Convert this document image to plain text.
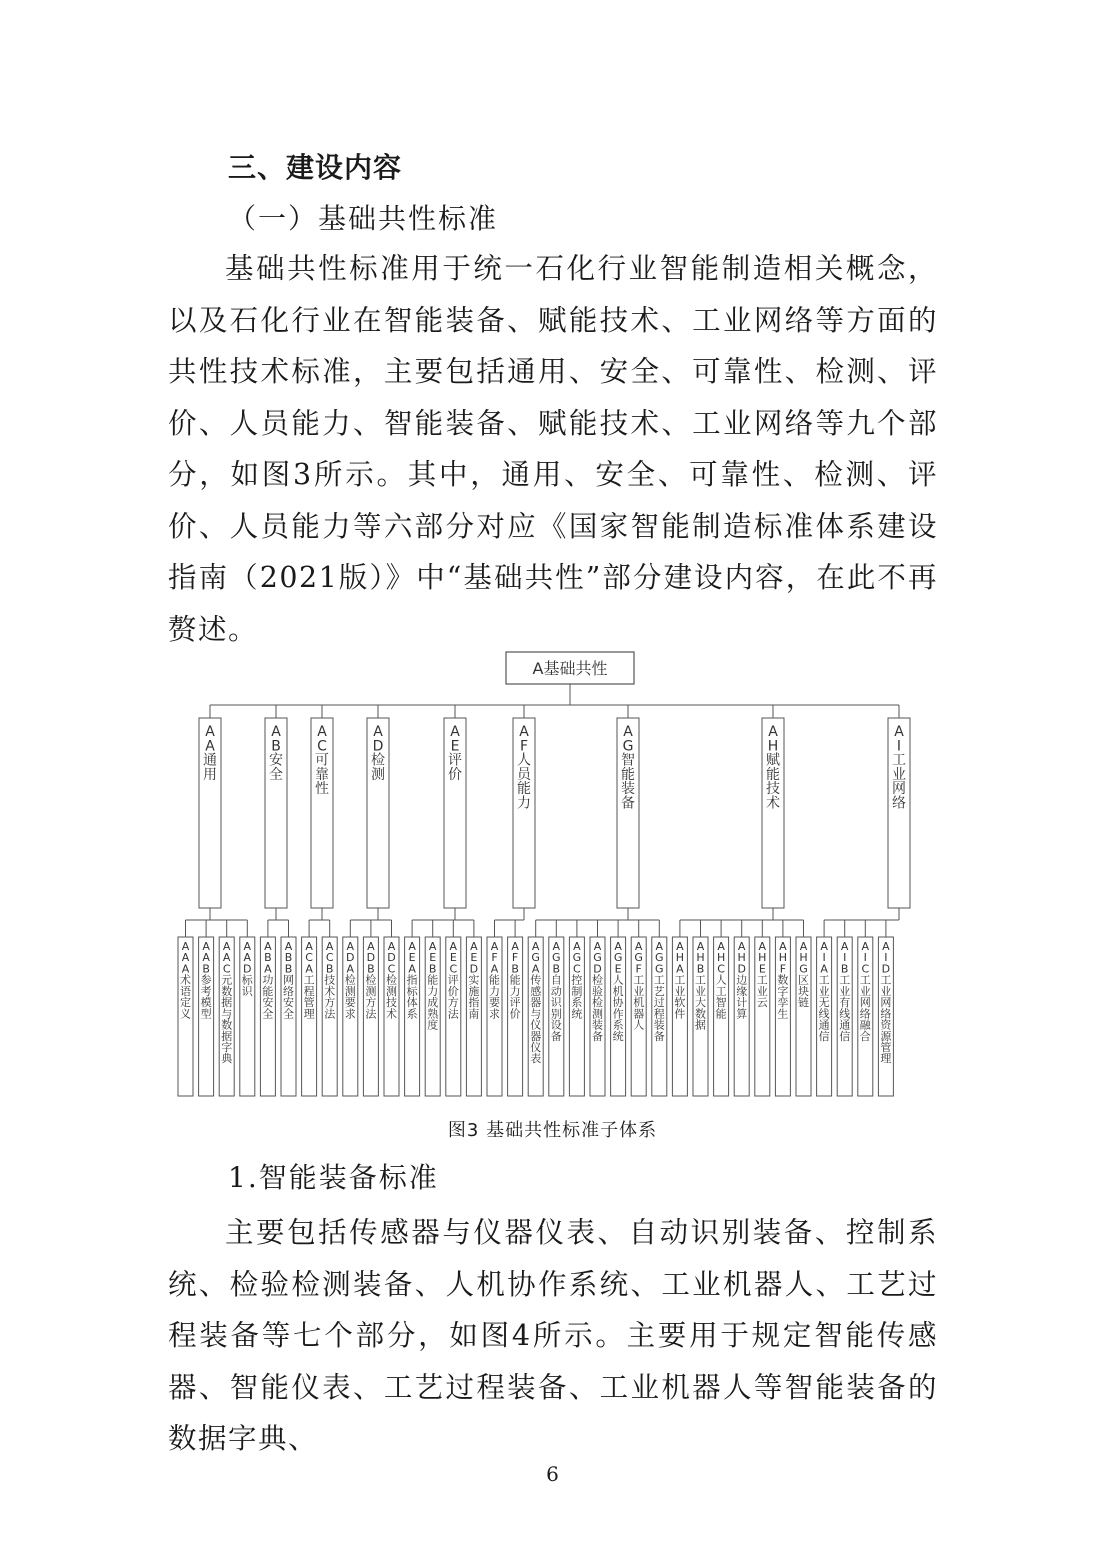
三、建设内容
（一）基础共性标准
基础共性标准用于统一石化行业智能制造相关概念，以及石化行业在智能装备、赋能技术、工业网络等方面的共性技术标准，主要包括通用、安全、可靠性、检测、评价、人员能力、智能装备、赋能技术、工业网络等九个部分，如图3所示。其中，通用、安全、可靠性、检测、评价、人员能力等六部分对应《国家智能制造标准体系建设指南（2021版）》中“基础共性”部分建设内容，在此不再赘述。
A基础共性
A A 通用
A A A 术语定义
A A B 参考模型
A A C 元数据与数据字典
A A D 标识
A B 安全
A B A 功能安全
A B B 网络安全
A C 可靠性
A C A 工程管理
A C B 技术方法
A D 检测
A D A 检测要求
A D B 检测方法
A D C 检测技术
A E 评价
A E A 指标体系
A E B 能力成熟度
A E C 评价方法
A E D 实施指南
A F 人员能力
A F A 能力要求
A F B 能力评价
A G 智能装备
A G A 传感器与仪器仪表
A G B 自动识别设备
A G C 控制系统
A G D 检验检测装备
A G E 人机协作系统
A G F 工业机器人
A G G 工艺过程装备
A H 赋能技术
A H A 工业软件
A H B 工业大数据
A H C 人工智能
A H D 边缘计算
A H E 工业云
A H F 数字孪生
A H G 区块链
A I 工业网络
A I A 工业无线通信
A I B 工业有线通信
A I C 工业网络融合
A I D 工业网络资源管理
图3 基础共性标准子体系
1.智能装备标准
主要包括传感器与仪器仪表、自动识别装备、控制系统、检验检测装备、人机协作系统、工业机器人、工艺过程装备等七个部分，如图4所示。主要用于规定智能传感器、智能仪表、工艺过程装备、工业机器人等智能装备的数据字典、
6
